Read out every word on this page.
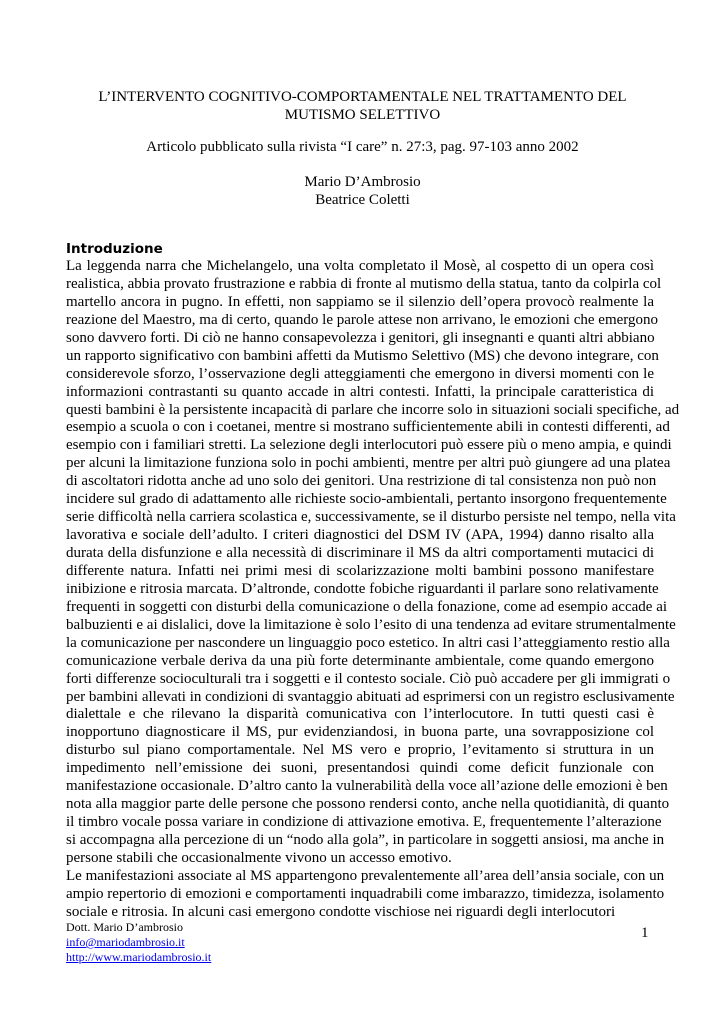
L’INTERVENTO COGNITIVO-COMPORTAMENTALE NEL TRATTAMENTO DEL
MUTISMO SELETTIVO
Articolo pubblicato sulla rivista “I care” n. 27:3, pag. 97-103 anno 2002
Mario D’Ambrosio
Beatrice Coletti
Introduzione
La leggenda narra che Michelangelo, una volta completato il Mosè, al cospetto di un opera così
realistica, abbia provato frustrazione e rabbia di fronte al mutismo della statua, tanto da colpirla col
martello ancora in pugno. In effetti, non sappiamo se il silenzio dell’opera provocò realmente la
reazione del Maestro, ma di certo, quando le parole attese non arrivano, le emozioni che emergono
sono davvero forti. Di ciò ne hanno consapevolezza i genitori, gli insegnanti e quanti altri abbiano
un rapporto significativo con bambini affetti da Mutismo Selettivo (MS) che devono integrare, con
considerevole sforzo, l’osservazione degli atteggiamenti che emergono in diversi momenti con le
informazioni contrastanti su quanto accade in altri contesti. Infatti, la principale caratteristica di
questi bambini è la persistente incapacità di parlare che incorre solo in situazioni sociali specifiche, ad
esempio a scuola o con i coetanei, mentre si mostrano sufficientemente abili in contesti differenti, ad
esempio con i familiari stretti. La selezione degli interlocutori può essere più o meno ampia, e quindi
per alcuni la limitazione funziona solo in pochi ambienti, mentre per altri può giungere ad una platea
di ascoltatori ridotta anche ad uno solo dei genitori. Una restrizione di tal consistenza non può non
incidere sul grado di adattamento alle richieste socio-ambientali, pertanto insorgono frequentemente
serie difficoltà nella carriera scolastica e, successivamente, se il disturbo persiste nel tempo, nella vita
lavorativa e sociale dell’adulto. I criteri diagnostici del DSM IV (APA, 1994) danno risalto alla
durata della disfunzione e alla necessità di discriminare il MS da altri comportamenti mutacici di
differente natura. Infatti nei primi mesi di scolarizzazione molti bambini possono manifestare
inibizione e ritrosia marcata. D’altronde, condotte fobiche riguardanti il parlare sono relativamente
frequenti in soggetti con disturbi della comunicazione o della fonazione, come ad esempio accade ai
balbuzienti e ai dislalici, dove la limitazione è solo l’esito di una tendenza ad evitare strumentalmente
la comunicazione per nascondere un linguaggio poco estetico. In altri casi l’atteggiamento restio alla
comunicazione verbale deriva da una più forte determinante ambientale, come quando emergono
forti differenze socioculturali tra i soggetti e il contesto sociale. Ciò può accadere per gli immigrati o
per bambini allevati in condizioni di svantaggio abituati ad esprimersi con un registro esclusivamente
dialettale e che rilevano la disparità comunicativa con l’interlocutore. In tutti questi casi è
inopportuno diagnosticare il MS, pur evidenziandosi, in buona parte, una sovrapposizione col
disturbo sul piano comportamentale. Nel MS vero e proprio, l’evitamento si struttura in un
impedimento nell’emissione dei suoni, presentandosi quindi come deficit funzionale con
manifestazione occasionale. D’altro canto la vulnerabilità della voce all’azione delle emozioni è ben
nota alla maggior parte delle persone che possono rendersi conto, anche nella quotidianità, di quanto
il timbro vocale possa variare in condizione di attivazione emotiva. E, frequentemente l’alterazione
si accompagna alla percezione di un “nodo alla gola”, in particolare in soggetti ansiosi, ma anche in
persone stabili che occasionalmente vivono un accesso emotivo.
Le manifestazioni associate al MS appartengono prevalentemente all’area dell’ansia sociale, con un
ampio repertorio di emozioni e comportamenti inquadrabili come imbarazzo, timidezza, isolamento
sociale e ritrosia. In alcuni casi emergono condotte vischiose nei riguardi degli interlocutori
Dott. Mario D’ambrosio
info@mariodambrosio.it
http://www.mariodambrosio.it
1
